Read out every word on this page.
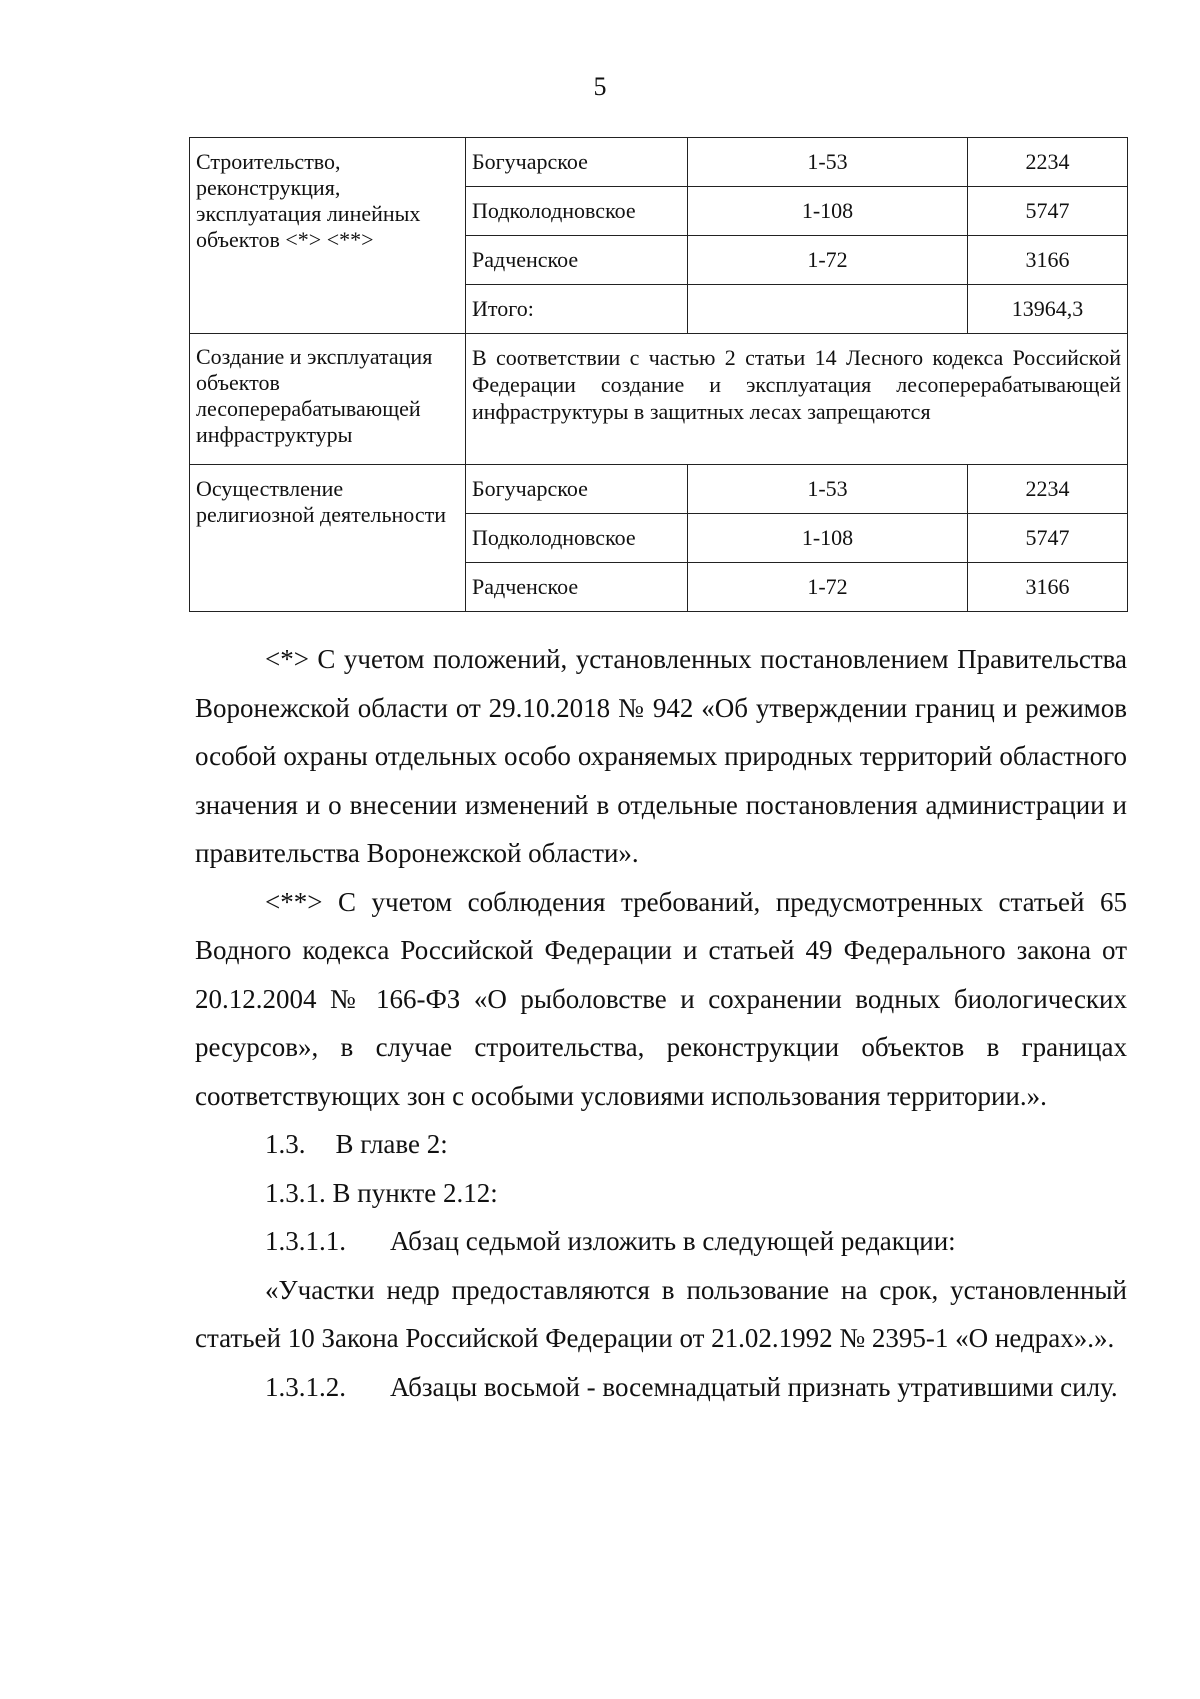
5
Строительство, реконструкция, эксплуатация линейных объектов <*> <**>	Богучарское	1-53	2234
	Подколодновское	1-108	5747
	Радченское	1-72	3166
	Итого:		13964,3
Создание и эксплуатация объектов лесоперерабатывающей инфраструктуры	В соответствии с частью 2 статьи 14 Лесного кодекса Российской Федерации создание и эксплуатация лесоперерабатывающей инфраструктуры в защитных лесах запрещаются		
Осуществление религиозной деятельности	Богучарское	1-53	2234
	Подколодновское	1-108	5747
	Радченское	1-72	3166

<*> С учетом положений, установленных постановлением Правительства Воронежской области от 29.10.2018 № 942 «Об утверждении границ и режимов особой охраны отдельных особо охраняемых природных территорий областного значения и о внесении изменений в отдельные постановления администрации и правительства Воронежской области».

<**> С учетом соблюдения требований, предусмотренных статьей 65 Водного кодекса Российской Федерации и статьей 49 Федерального закона от 20.12.2004 № 166-ФЗ «О рыболовстве и сохранении водных биологических ресурсов», в случае строительства, реконструкции объектов в границах соответствующих зон с особыми условиями использования территории.».

1.3. В главе 2:

1.3.1. В пункте 2.12:

1.3.1.1. Абзац седьмой изложить в следующей редакции:

«Участки недр предоставляются в пользование на срок, установленный статьей 10 Закона Российской Федерации от 21.02.1992 № 2395-1 «О недрах».».

1.3.1.2. Абзацы восьмой - восемнадцатый признать утратившими силу.
